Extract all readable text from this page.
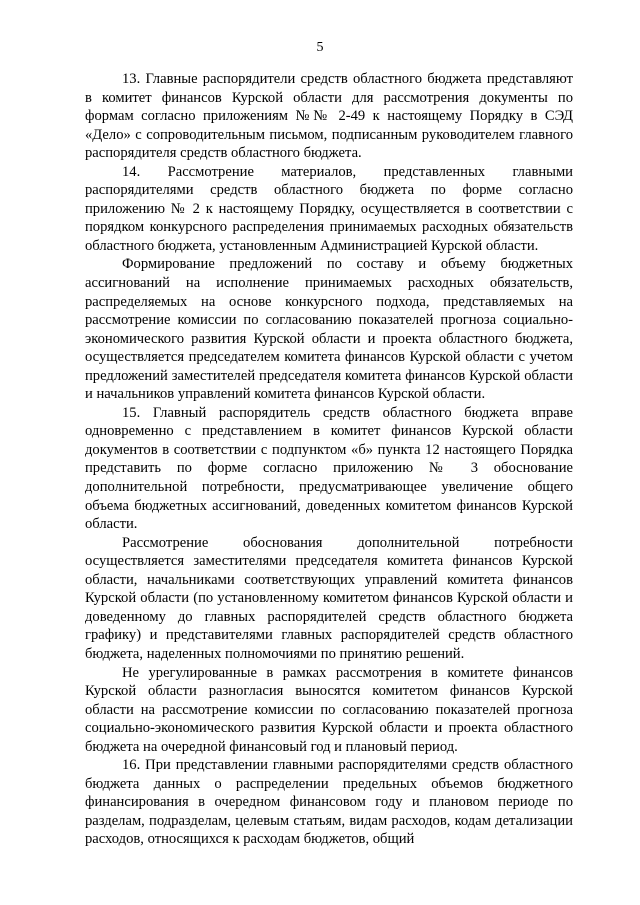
5

13. Главные распорядители средств областного бюджета представляют в комитет финансов Курской области для рассмотрения документы по формам согласно приложениям №№ 2-49 к настоящему Порядку в СЭД «Дело» с сопроводительным письмом, подписанным руководителем главного распорядителя средств областного бюджета.

14. Рассмотрение материалов, представленных главными распорядителями средств областного бюджета по форме согласно приложению № 2 к настоящему Порядку, осуществляется в соответствии с порядком конкурсного распределения принимаемых расходных обязательств областного бюджета, установленным Администрацией Курской области.

Формирование предложений по составу и объему бюджетных ассигнований на исполнение принимаемых расходных обязательств, распределяемых на основе конкурсного подхода, представляемых на рассмотрение комиссии по согласованию показателей прогноза социально-экономического развития Курской области и проекта областного бюджета, осуществляется председателем комитета финансов Курской области с учетом предложений заместителей председателя комитета финансов Курской области и начальников управлений комитета финансов Курской области.

15. Главный распорядитель средств областного бюджета вправе одновременно с представлением в комитет финансов Курской области документов в соответствии с подпунктом «б» пункта 12 настоящего Порядка представить по форме согласно приложению № 3 обоснование дополнительной потребности, предусматривающее увеличение общего объема бюджетных ассигнований, доведенных комитетом финансов Курской области.

Рассмотрение обоснования дополнительной потребности осуществляется заместителями председателя комитета финансов Курской области, начальниками соответствующих управлений комитета финансов Курской области (по установленному комитетом финансов Курской области и доведенному до главных распорядителей средств областного бюджета графику) и представителями главных распорядителей средств областного бюджета, наделенных полномочиями по принятию решений.

Не урегулированные в рамках рассмотрения в комитете финансов Курской области разногласия выносятся комитетом финансов Курской области на рассмотрение комиссии по согласованию показателей прогноза социально-экономического развития Курской области и проекта областного бюджета на очередной финансовый год и плановый период.

16. При представлении главными распорядителями средств областного бюджета данных о распределении предельных объемов бюджетного финансирования в очередном финансовом году и плановом периоде по разделам, подразделам, целевым статьям, видам расходов, кодам детализации расходов, относящихся к расходам бюджетов, общий
